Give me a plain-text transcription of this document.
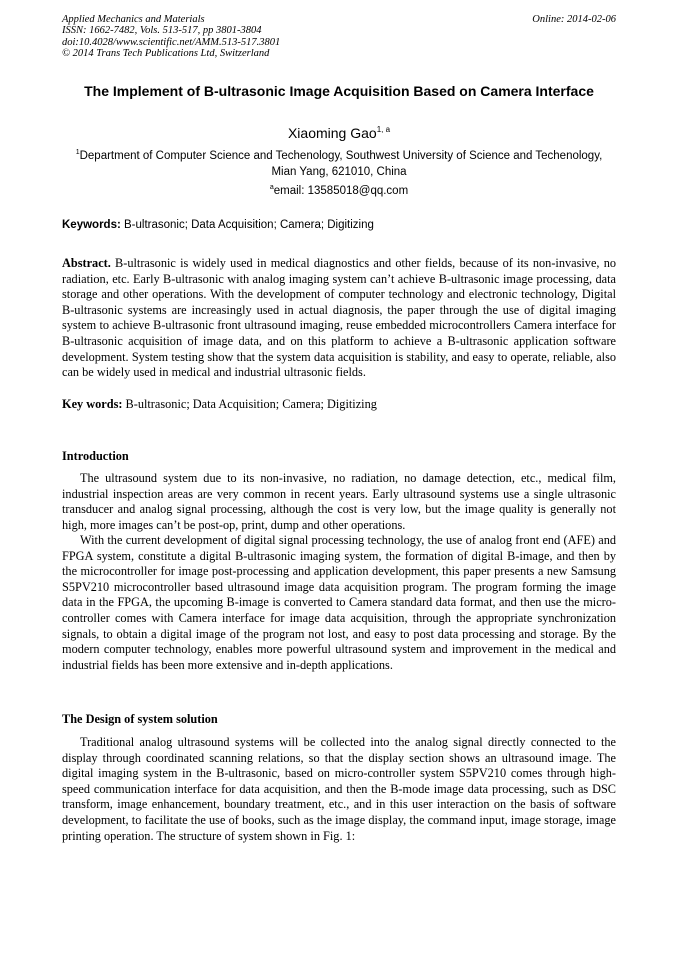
Applied Mechanics and Materials
ISSN: 1662-7482, Vols. 513-517, pp 3801-3804
doi:10.4028/www.scientific.net/AMM.513-517.3801
© 2014 Trans Tech Publications Ltd, Switzerland
Online: 2014-02-06
The Implement of B-ultrasonic Image Acquisition Based on Camera Interface
Xiaoming Gao$^{1, a}$
$^1$Department of Computer Science and Techenology, Southwest University of Science and Techenology, Mian Yang, 621010, China
$^a$email: 13585018@qq.com
Keywords: B-ultrasonic; Data Acquisition; Camera; Digitizing
Abstract. B-ultrasonic is widely used in medical diagnostics and other fields, because of its non-invasive, no radiation, etc. Early B-ultrasonic with analog imaging system can’t achieve B-ultrasonic image processing, data storage and other operations. With the development of computer technology and electronic technology, Digital B-ultrasonic systems are increasingly used in actual diagnosis, the paper through the use of digital imaging system to achieve B-ultrasonic front ultrasound imaging, reuse embedded microcontrollers Camera interface for B-ultrasonic acquisition of image data, and on this platform to achieve a B-ultrasonic application software development. System testing show that the system data acquisition is stability, and easy to operate, reliable, also can be widely used in medical and industrial ultrasonic fields.
Key words: B-ultrasonic; Data Acquisition; Camera; Digitizing
Introduction
The ultrasound system due to its non-invasive, no radiation, no damage detection, etc., medical film, industrial inspection areas are very common in recent years. Early ultrasound systems use a single ultrasonic transducer and analog signal processing, although the cost is very low, but the image quality is generally not high, more images can’t be post-op, print, dump and other operations.
With the current development of digital signal processing technology, the use of analog front end (AFE) and FPGA system, constitute a digital B-ultrasonic imaging system, the formation of digital B-image, and then by the microcontroller for image post-processing and application development, this paper presents a new Samsung S5PV210 microcontroller based ultrasound image data acquisition program. The program forming the image data in the FPGA, the upcoming B-image is converted to Camera standard data format, and then use the micro-controller comes with Camera interface for image data acquisition, through the appropriate synchronization signals, to obtain a digital image of the program not lost, and easy to post data processing and storage. By the modern computer technology, enables more powerful ultrasound system and improvement in the medical and industrial fields has been more extensive and in-depth applications.
The Design of system solution
Traditional analog ultrasound systems will be collected into the analog signal directly connected to the display through coordinated scanning relations, so that the display section shows an ultrasound image. The digital imaging system in the B-ultrasonic, based on micro-controller system S5PV210 comes through high-speed communication interface for data acquisition, and then the B-mode image data processing, such as DSC transform, image enhancement, boundary treatment, etc., and in this user interaction on the basis of software development, to facilitate the use of books, such as the image display, the command input, image storage, image printing operation. The structure of system shown in Fig. 1:
